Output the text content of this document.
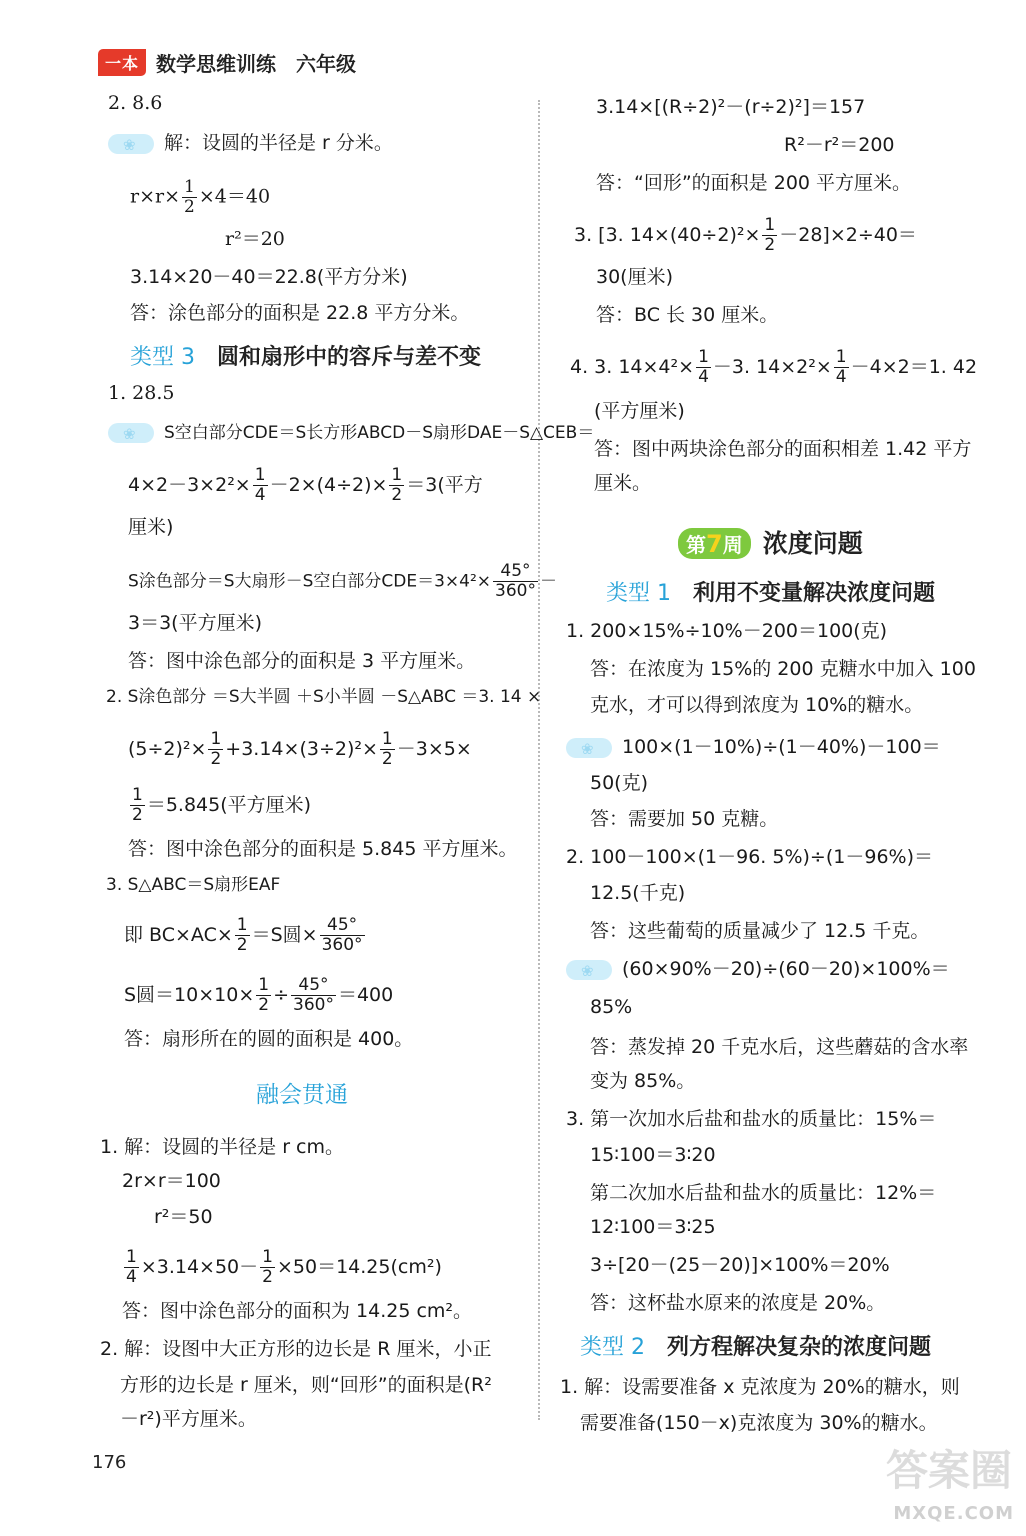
一本 数学思维训练　六年级
2. 8.6
❀解：设圆的半径是 r 分米。
$r\times r\times \frac{1}{2} \times 4=40$
r²＝20
3.14×20－40＝22.8(平方分米)
答：涂色部分的面积是 22.8 平方分米。
类型 3 圆和扇形中的容斥与差不变
1. 28.5
❀S空白部分CDE＝S长方形ABCD－S扇形DAE－S△CEB＝
$4\times 2-3\times 2^2\times \frac{1}{4} -2\times(4\div 2)\times \frac{1}{2} =3$(平方
厘米)
S涂色部分＝S大扇形－S空白部分$CDE=3\times 4^2\times \frac{45^\circ}{360^\circ}$ －
3＝3(平方厘米)
答：图中涂色部分的面积是 3 平方厘米。
2. S涂色部分 ＝S大半圆 ＋S小半圆 －S△ABC ＝3. 14 ×
$(5\div 2)^2\times \frac{1}{2} +3.14\times(3\div 2)^2\times \frac{1}{2} -3\times 5\times$
$\frac{1}{2} =5.845$(平方厘米)
答：图中涂色部分的面积是 5.845 平方厘米。
3. S△ABC＝S扇形EAF
即 $BC\times AC\times \frac{1}{2} =S$圆× $\frac{45^\circ}{360^\circ}$
S圆$=10\times 10\times \frac{1}{2} \div \frac{45^\circ}{360^\circ} =400$
答：扇形所在的圆的面积是 400。
融会贯通
1. 解：设圆的半径是 r cm。
2r×r＝100
r²＝50
$\frac{1}{4} \times 3.14\times 50- \frac{1}{2} \times 50=14.25(cm^2)$
答：图中涂色部分的面积为 14.25 cm²。
2. 解：设图中大正方形的边长是 R 厘米，小正
方形的边长是 r 厘米，则“回形”的面积是(R²
－r²)平方厘米。
3.14×[(R÷2)²－(r÷2)²]＝157
R²－r²＝200
答：“回形”的面积是 200 平方厘米。
3. [3. $14\times(40\div 2)^2\times \frac{1}{2} -28]\times 2\div 40=$
30(厘米)
答：BC 长 30 厘米。
4. 3. $14\times 4^2\times \frac{1}{4} -3$. $14\times 2^2\times \frac{1}{4} -4\times 2=1$. 42
(平方厘米)
答：图中两块涂色部分的面积相差 1.42 平方
厘米。
第7周 浓度问题
类型 1 利用不变量解决浓度问题
1. 200×15%÷10%－200＝100(克)
答：在浓度为 15%的 200 克糖水中加入 100
克水，才可以得到浓度为 10%的糖水。
❀100×(1－10%)÷(1－40%)－100＝
50(克)
答：需要加 50 克糖。
2. 100－100×(1－96. 5%)÷(1－96%)＝
12.5(千克)
答：这些葡萄的质量减少了 12.5 千克。
❀(60×90%－20)÷(60－20)×100%＝
85%
答：蒸发掉 20 千克水后，这些蘑菇的含水率
变为 85%。
3. 第一次加水后盐和盐水的质量比：15%＝
15∶100＝3∶20
第二次加水后盐和盐水的质量比：12%＝
12∶100＝3∶25
3÷[20－(25－20)]×100%＝20%
答：这杯盐水原来的浓度是 20%。
类型 2 列方程解决复杂的浓度问题
1. 解：设需要准备 x 克浓度为 20%的糖水，则
需要准备(150－x)克浓度为 30%的糖水。
176	答案圈
MXQE.COM
